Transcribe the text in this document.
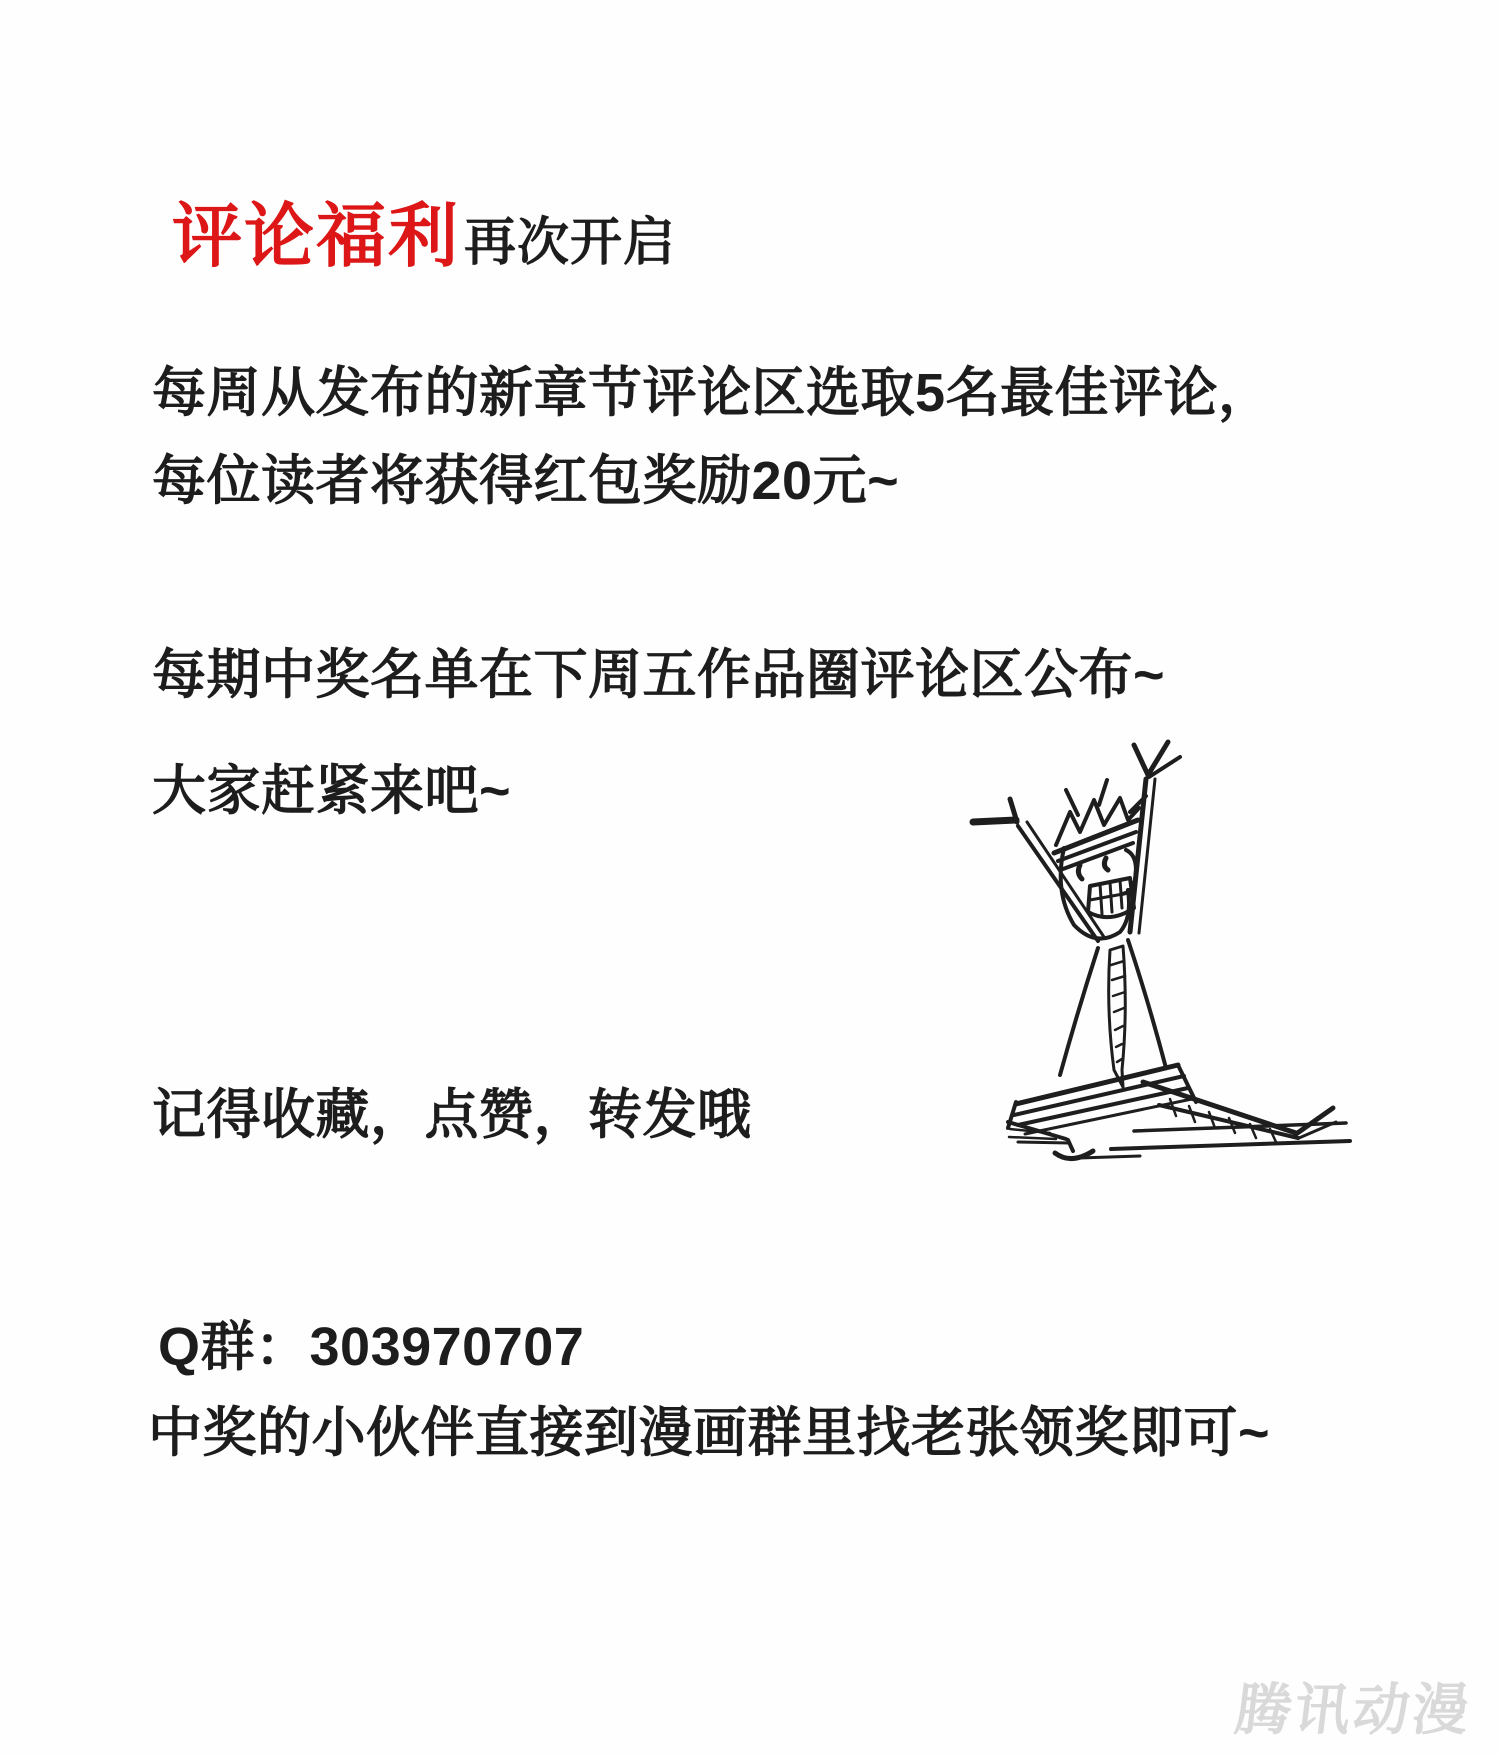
评论福利 再次开启
每周从发布的新章节评论区选取5名最佳评论，
每位读者将获得红包奖励20元~
每期中奖名单在下周五作品圈评论区公布~
大家赶紧来吧~
记得收藏，点赞，转发哦
Q群：303970707
中奖的小伙伴直接到漫画群里找老张领奖即可~
腾讯动漫
